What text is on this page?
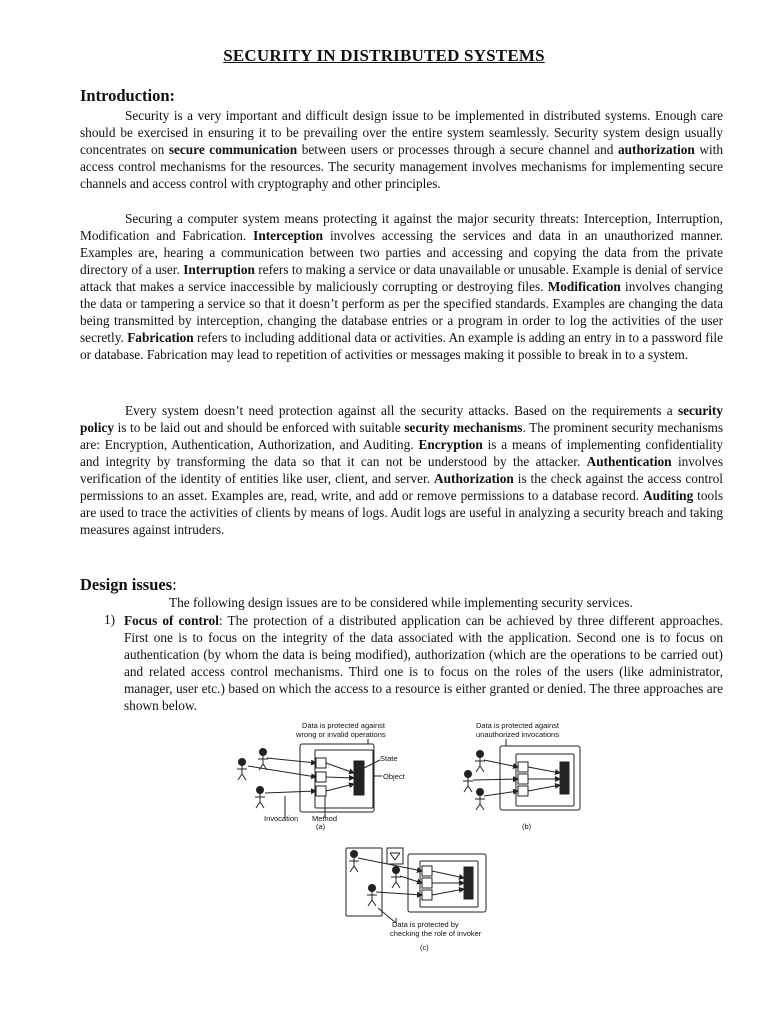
SECURITY IN DISTRIBUTED SYSTEMS
Introduction:
Security is a very important and difficult design issue to be implemented in distributed systems. Enough care should be exercised in ensuring it to be prevailing over the entire system seamlessly. Security system design usually concentrates on secure communication between users or processes through a secure channel and authorization with access control mechanisms for the resources. The security management involves mechanisms for implementing secure channels and access control with cryptography and other principles.
Securing a computer system means protecting it against the major security threats: Interception, Interruption, Modification and Fabrication. Interception involves accessing the services and data in an unauthorized manner. Examples are, hearing a communication between two parties and accessing and copying the data from the private directory of a user. Interruption refers to making a service or data unavailable or unusable. Example is denial of service attack that makes a service inaccessible by maliciously corrupting or destroying files. Modification involves changing the data or tampering a service so that it doesn’t perform as per the specified standards. Examples are changing the data being transmitted by interception, changing the database entries or a program in order to log the activities of the user secretly. Fabrication refers to including additional data or activities. An example is adding an entry in to a password file or database. Fabrication may lead to repetition of activities or messages making it possible to break in to a system.
Every system doesn’t need protection against all the security attacks. Based on the requirements a security policy is to be laid out and should be enforced with suitable security mechanisms. The prominent security mechanisms are: Encryption, Authentication, Authorization, and Auditing. Encryption is a means of implementing confidentiality and integrity by transforming the data so that it can not be understood by the attacker. Authentication involves verification of the identity of entities like user, client, and server. Authorization is the check against the access control permissions to an asset. Examples are, read, write, and add or remove permissions to a database record. Auditing tools are used to trace the activities of clients by means of logs. Audit logs are useful in analyzing a security breach and taking measures against intruders.
Design issues:
The following design issues are to be considered while implementing security services.
1) Focus of control: The protection of a distributed application can be achieved by three different approaches. First one is to focus on the integrity of the data associated with the application. Second one is to focus on authentication (by whom the data is being modified), authorization (which are the operations to be carried out) and related access control mechanisms. Third one is to focus on the roles of the users (like administrator, manager, user etc.) based on which the access to a resource is either granted or denied. The three approaches are shown below.
Data is protected against
wrong or invalid operations
State
Object
Invocation Method
(a)
Data is protected against
unauthorized invocations
(b)
Data is protected by
checking the role of invoker
(c)
